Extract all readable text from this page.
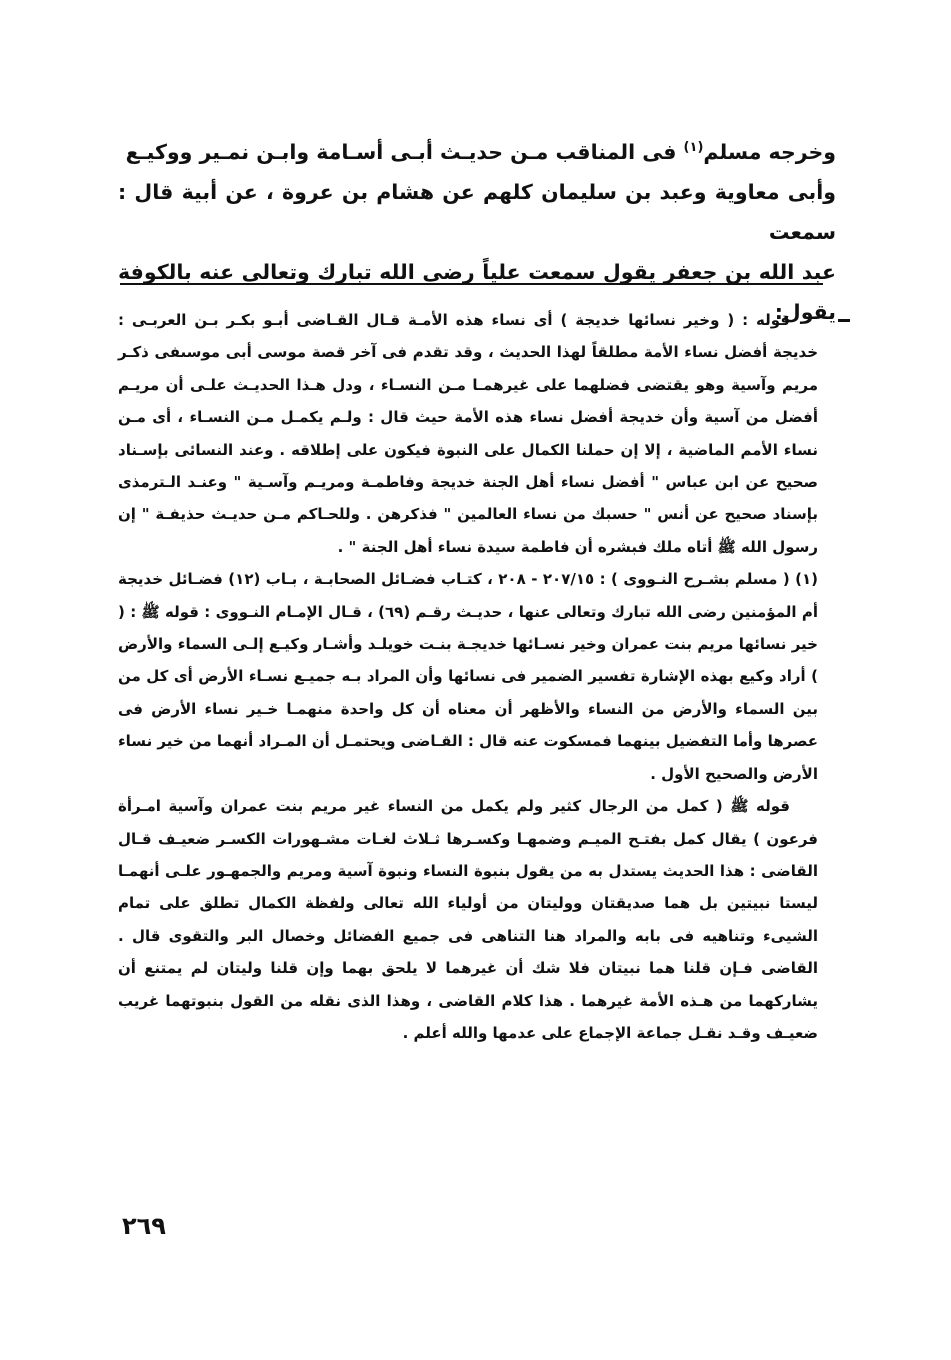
وخرجه مسلم$^{(١)}$ فى المناقب مـن حديـث أبـى أسـامة وابـن نمـير ووكيـع

وأبى معاوية وعبد بن سليمان كلهم عن هشام بن عروة ، عن أبية قال : سمعت

عبد الله بن جعفر يقول سمعت علياً رضى الله تبارك وتعالى عنه بالكوفة يقول:

قوله : ( وخير نسائها خديجة ) أى نساء هذه الأمـة قـال القـاضى أبـو بكـر بـن العربـى : خديجة أفضل نساء الأمة مطلقاً لهذا الحديث ، وقد تقدم فى آخر قصة موسى أبى موسىفى ذكـر مريم وآسية وهو يقتضى فضلهما على غيرهمـا مـن النسـاء ، ودل هـذا الحديـث علـى أن مريـم أفضل من آسية وأن خديجة أفضل نساء هذه الأمة حيث قال : ولـم يكمـل مـن النسـاء ، أى مـن نساء الأمم الماضية ، إلا إن حملنا الكمال على النبوة فيكون على إطلاقه . وعند النسائى بإسـناد صحيح عن ابن عباس " أفضل نساء أهل الجنة خديجة وفاطمـة ومريـم وآسـية " وعنـد الـترمذى بإسناد صحيح عن أنس " حسبك من نساء العالمين " فذكرهن . وللحـاكم مـن حديـث حذيفـة " إن رسول الله ﷺ أتاه ملك فبشره أن فاطمة سيدة نساء أهل الجنة " .

(١) ( مسلم بشـرح النـووى ) : ٢٠٧/١٥ - ٢٠٨ ، كتـاب فضـائل الصحابـة ، بـاب (١٢) فضـائل خديجة أم المؤمنين رضى الله تبارك وتعالى عنها ، حديـث رقـم (٦٩) ، قـال الإمـام النـووى : قوله ﷺ : ( خير نسائها مريم بنت عمران وخير نسـائها خديجـة بنـت خويلـد وأشـار وكيـع إلـى السماء والأرض ) أراد وكيع بهذه الإشارة تفسير الضمير فى نسائها وأن المراد بـه جميـع نسـاء الأرض أى كل من بين السماء والأرض من النساء والأظهر أن معناه أن كل واحدة منهمـا خـير نساء الأرض فى عصرها وأما التفضيل بينهما فمسكوت عنه قال : القـاضى ويحتمـل أن المـراد أنهما من خير نساء الأرض والصحيح الأول .

قوله ﷺ ( كمل من الرجال كثير ولم يكمل من النساء غير مريم بنت عمران وآسية امـرأة فرعون ) يقال كمل بفتـح الميـم وضمهـا وكسـرها ثـلاث لغـات مشـهورات الكسـر ضعيـف قـال القاضى : هذا الحديث يستدل به من يقول بنبوة النساء ونبوة آسية ومريم والجمهـور علـى أنهمـا ليستا نبيتين بل هما صديقتان ووليتان من أولياء الله تعالى ولفظة الكمال تطلق على تمام الشيىء وتناهيه فى بابه والمراد هنا التناهى فى جميع الفضائل وخصال البر والتقوى قال . القاضى فـإن قلنا هما نبيتان فلا شك أن غيرهما لا يلحق بهما وإن قلنا وليتان لم يمتنع أن يشاركهما من هـذه الأمة غيرهما . هذا كلام القاضى ، وهذا الذى نقله من القول بنبوتهما غريب ضعيـف وقـد نقـل جماعة الإجماع على عدمها والله أعلم .

٢٦٩
